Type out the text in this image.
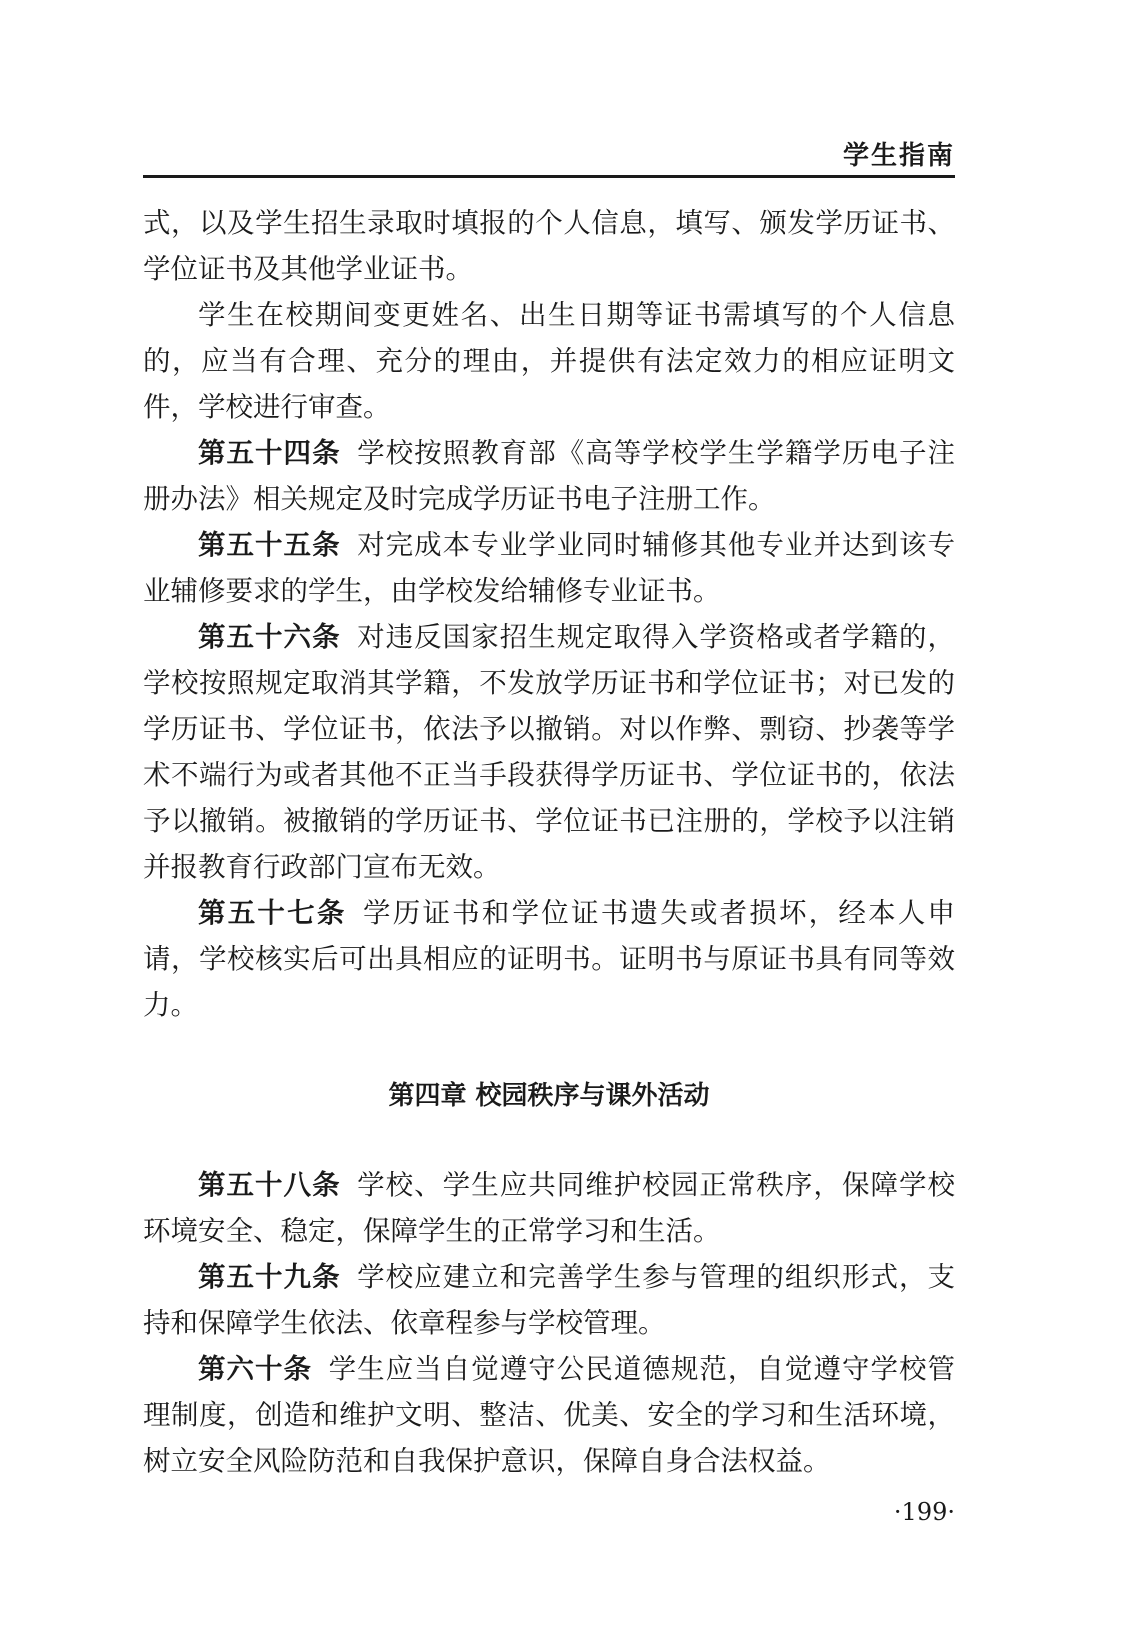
学生指南

式，以及学生招生录取时填报的个人信息，填写、颁发学历证书、学位证书及其他学业证书。

学生在校期间变更姓名、出生日期等证书需填写的个人信息的，应当有合理、充分的理由，并提供有法定效力的相应证明文件，学校进行审查。

第五十四条 学校按照教育部《高等学校学生学籍学历电子注册办法》相关规定及时完成学历证书电子注册工作。

第五十五条 对完成本专业学业同时辅修其他专业并达到该专业辅修要求的学生，由学校发给辅修专业证书。

第五十六条 对违反国家招生规定取得入学资格或者学籍的，学校按照规定取消其学籍，不发放学历证书和学位证书；对已发的学历证书、学位证书，依法予以撤销。对以作弊、剽窃、抄袭等学术不端行为或者其他不正当手段获得学历证书、学位证书的，依法予以撤销。被撤销的学历证书、学位证书已注册的，学校予以注销并报教育行政部门宣布无效。

第五十七条 学历证书和学位证书遗失或者损坏，经本人申请，学校核实后可出具相应的证明书。证明书与原证书具有同等效力。

第四章 校园秩序与课外活动

第五十八条 学校、学生应共同维护校园正常秩序，保障学校环境安全、稳定，保障学生的正常学习和生活。

第五十九条 学校应建立和完善学生参与管理的组织形式，支持和保障学生依法、依章程参与学校管理。

第六十条 学生应当自觉遵守公民道德规范，自觉遵守学校管理制度，创造和维护文明、整洁、优美、安全的学习和生活环境，树立安全风险防范和自我保护意识，保障自身合法权益。

·199·
